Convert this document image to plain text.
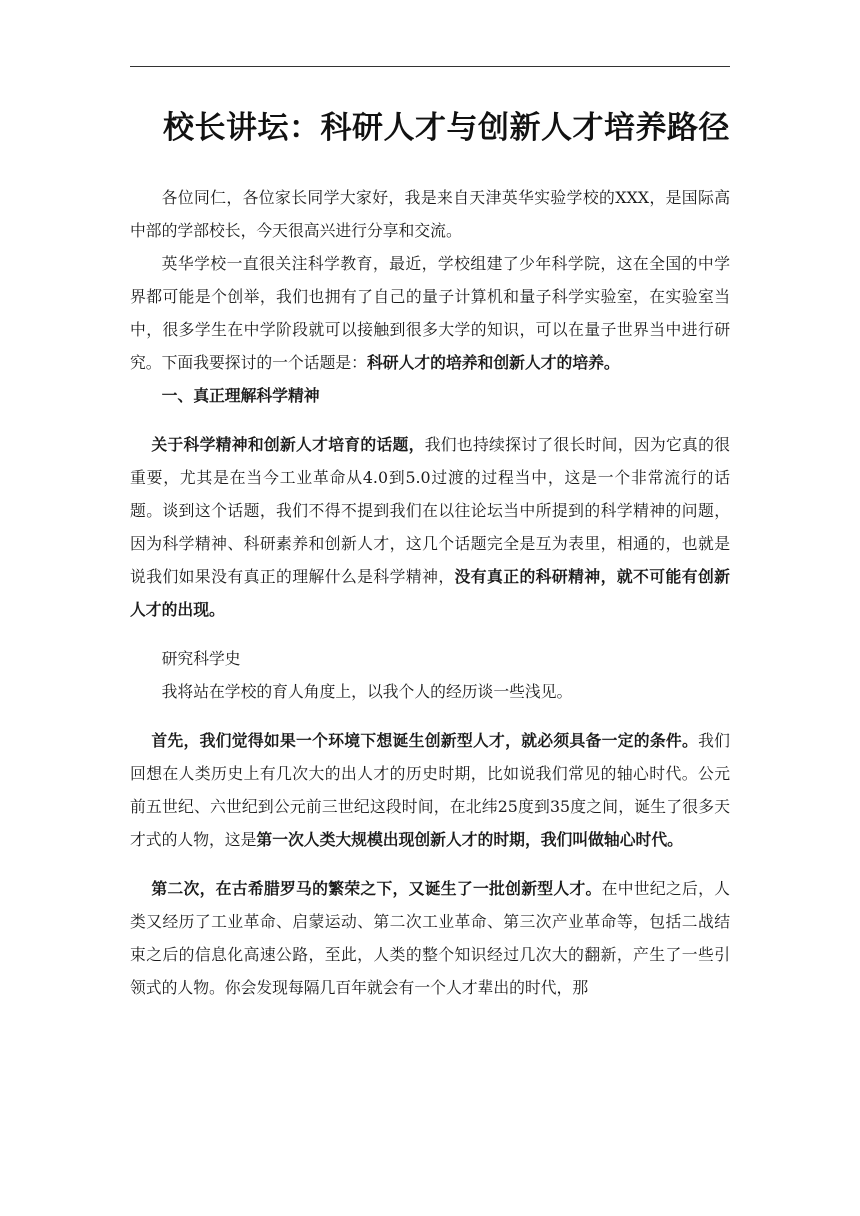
校长讲坛：科研人才与创新人才培养路径

各位同仁，各位家长同学大家好，我是来自天津英华实验学校的XXX，是国际高中部的学部校长，今天很高兴进行分享和交流。

英华学校一直很关注科学教育，最近，学校组建了少年科学院，这在全国的中学界都可能是个创举，我们也拥有了自己的量子计算机和量子科学实验室，在实验室当中，很多学生在中学阶段就可以接触到很多大学的知识，可以在量子世界当中进行研究。下面我要探讨的一个话题是：科研人才的培养和创新人才的培养。

一、真正理解科学精神

关于科学精神和创新人才培育的话题，我们也持续探讨了很长时间，因为它真的很重要，尤其是在当今工业革命从4.0到5.0过渡的过程当中，这是一个非常流行的话题。谈到这个话题，我们不得不提到我们在以往论坛当中所提到的科学精神的问题，因为科学精神、科研素养和创新人才，这几个话题完全是互为表里，相通的，也就是说我们如果没有真正的理解什么是科学精神，没有真正的科研精神，就不可能有创新人才的出现。

研究科学史

我将站在学校的育人角度上，以我个人的经历谈一些浅见。

首先，我们觉得如果一个环境下想诞生创新型人才，就必须具备一定的条件。我们回想在人类历史上有几次大的出人才的历史时期，比如说我们常见的轴心时代。公元前五世纪、六世纪到公元前三世纪这段时间，在北纬25度到35度之间，诞生了很多天才式的人物，这是第一次人类大规模出现创新人才的时期，我们叫做轴心时代。

第二次，在古希腊罗马的繁荣之下，又诞生了一批创新型人才。在中世纪之后，人类又经历了工业革命、启蒙运动、第二次工业革命、第三次产业革命等，包括二战结束之后的信息化高速公路，至此，人类的整个知识经过几次大的翻新，产生了一些引领式的人物。你会发现每隔几百年就会有一个人才辈出的时代，那
